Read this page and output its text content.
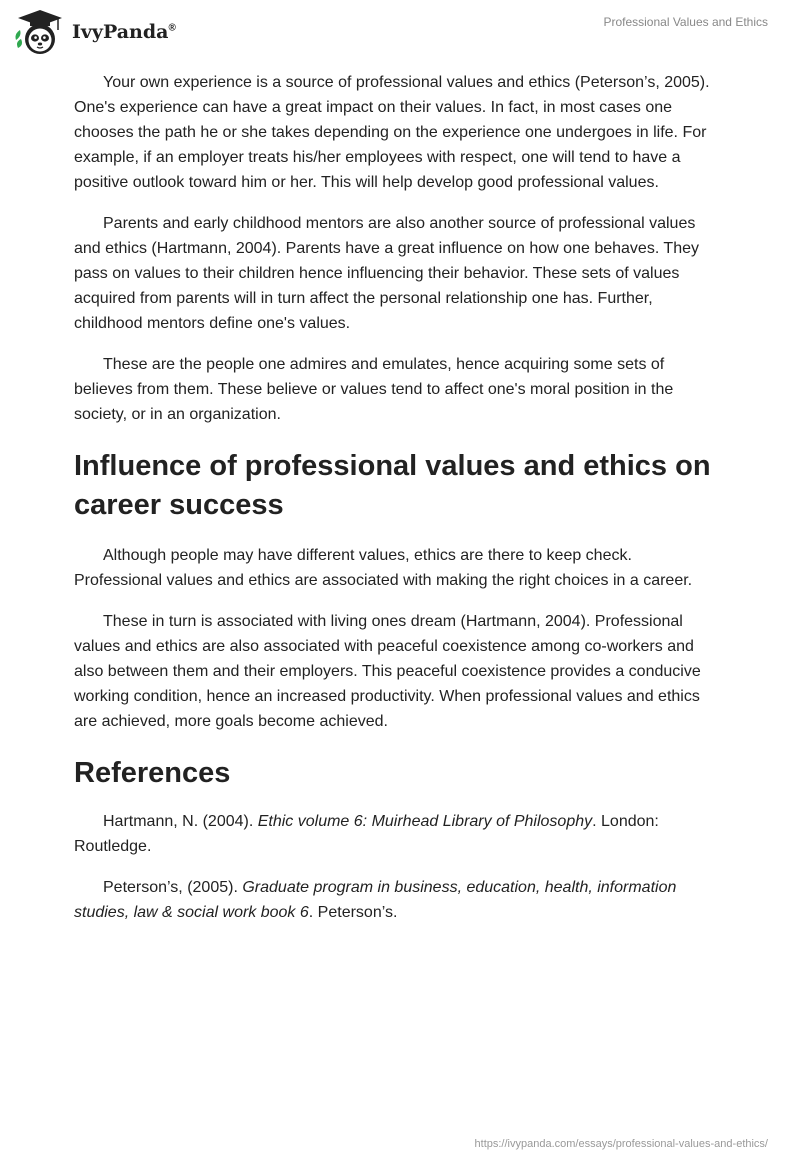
IvyPanda®	Professional Values and Ethics

Your own experience is a source of professional values and ethics (Peterson’s, 2005). One's experience can have a great impact on their values. In fact, in most cases one chooses the path he or she takes depending on the experience one undergoes in life. For example, if an employer treats his/her employees with respect, one will tend to have a positive outlook toward him or her. This will help develop good professional values.

Parents and early childhood mentors are also another source of professional values and ethics (Hartmann, 2004). Parents have a great influence on how one behaves. They pass on values to their children hence influencing their behavior. These sets of values acquired from parents will in turn affect the personal relationship one has. Further, childhood mentors define one's values.

These are the people one admires and emulates, hence acquiring some sets of believes from them. These believe or values tend to affect one's moral position in the society, or in an organization.

Influence of professional values and ethics on career success

Although people may have different values, ethics are there to keep check. Professional values and ethics are associated with making the right choices in a career.

These in turn is associated with living ones dream (Hartmann, 2004). Professional values and ethics are also associated with peaceful coexistence among co-workers and also between them and their employers. This peaceful coexistence provides a conducive working condition, hence an increased productivity. When professional values and ethics are achieved, more goals become achieved.

References

Hartmann, N. (2004). Ethic volume 6: Muirhead Library of Philosophy. London: Routledge.

Peterson’s, (2005). Graduate program in business, education, health, information studies, law & social work book 6. Peterson’s.

https://ivypanda.com/essays/professional-values-and-ethics/
